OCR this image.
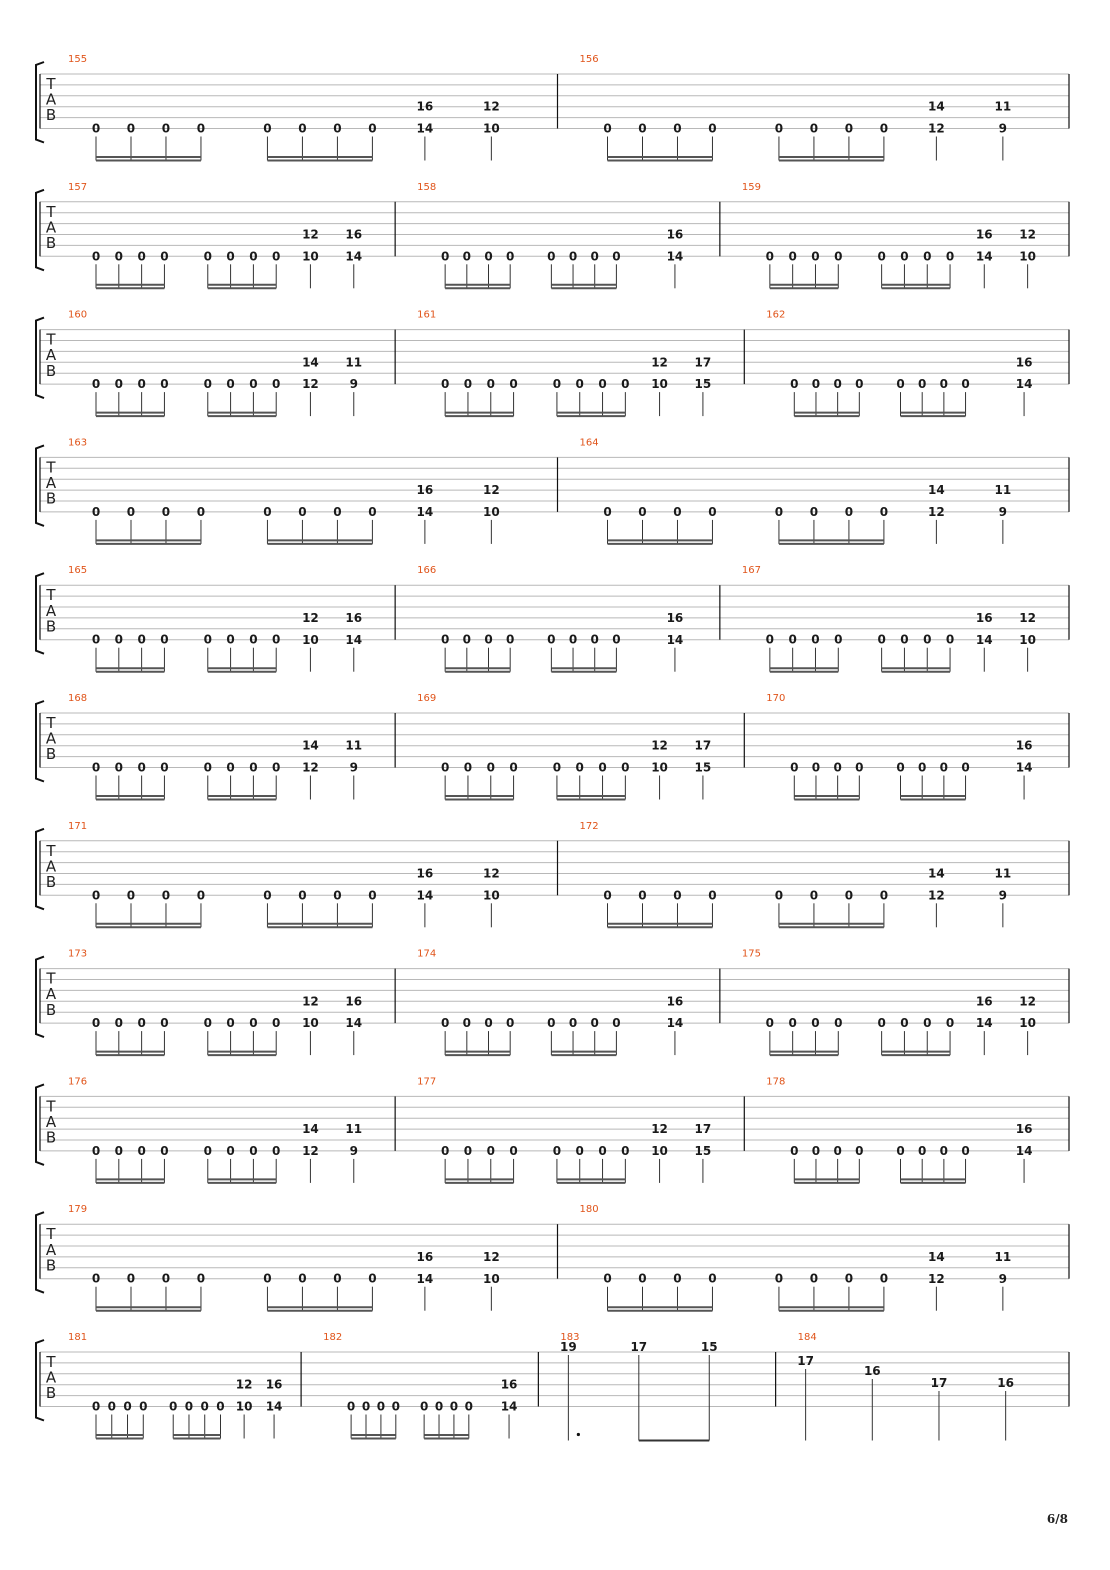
T
A
B
155
0 0 0 0	0 0 0 0
16
14
12
10
156
0 0 0 0	0 0 0 0
14
12
11
9
T
A
B
157
0 0 0 0	0 0 0 0
12
10
16
14
158
0 0 0 0	0 0 0 0
16
14
159
0 0 0 0	0 0 0 0
16
14
12
10
T
A
B
160
0 0 0 0	0 0 0 0
14
12
11
9
161
0 0 0 0	0 0 0 0
12
10
17
15
162
0 0 0 0	0 0 0 0
16
14
T
A
B
163
0 0 0 0	0 0 0 0
16
14
12
10
164
0 0 0 0	0 0 0 0
14
12
11
9
T
A
B
165
0 0 0 0	0 0 0 0
12
10
16
14
166
0 0 0 0	0 0 0 0
16
14
167
0 0 0 0	0 0 0 0
16
14
12
10
T
A
B
168
0 0 0 0	0 0 0 0
14
12
11
9
169
0 0 0 0	0 0 0 0
12
10
17
15
170
0 0 0 0	0 0 0 0
16
14
T
A
B
171
0 0 0 0	0 0 0 0
16
14
12
10
172
0 0 0 0	0 0 0 0
14
12
11
9
T
A
B
173
0 0 0 0	0 0 0 0
12
10
16
14
174
0 0 0 0	0 0 0 0
16
14
175
0 0 0 0	0 0 0 0
16
14
12
10
T
A
B
176
0 0 0 0	0 0 0 0
14
12
11
9
177
0 0 0 0	0 0 0 0
12
10
17
15
178
0 0 0 0	0 0 0 0
16
14
T
A
B
179
0 0 0 0	0 0 0 0
16
14
12
10
180
0 0 0 0	0 0 0 0
14
12
11
9
T
A
B
181
0 0 0 0 0 0 0 0
12
10
16
14
182
0 0 0 0 0 0 0 0
16
14
183
19	17	15
184
17
16
17	16
6/8
